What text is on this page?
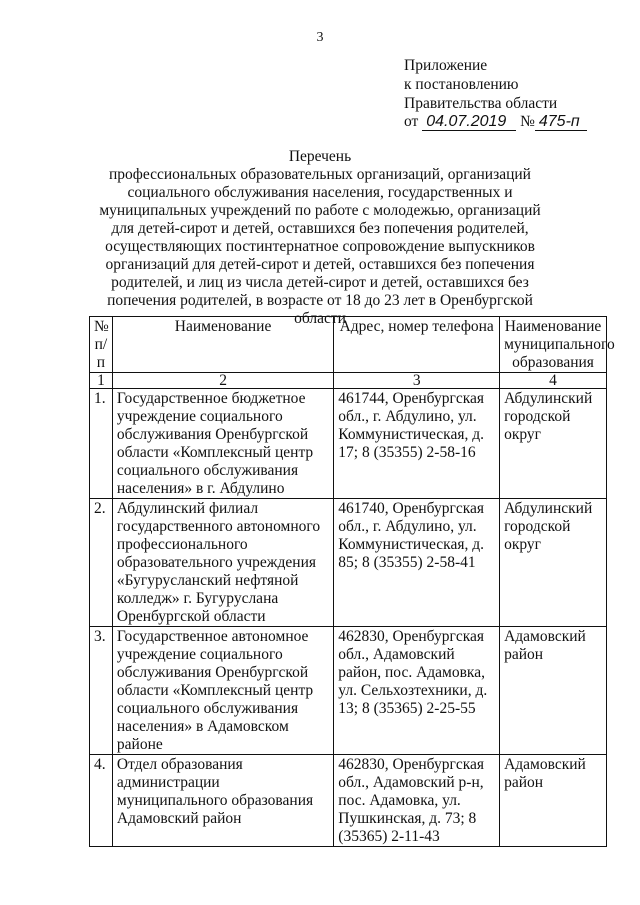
3
Приложение
к постановлению
Правительства области
от 04.07.2019 № 475-п
Перечень
профессиональных образовательных организаций, организаций социального обслуживания населения, государственных и муниципальных учреждений по работе с молодежью, организаций для детей-сирот и детей, оставшихся без попечения родителей, осуществляющих постинтернатное сопровождение выпускников организаций для детей-сирот и детей, оставшихся без попечения родителей, и лиц из числа детей-сирот и детей, оставшихся без попечения родителей, в возрасте от 18 до 23 лет в Оренбургской области
№ п/п	Наименование	Адрес, номер телефона	Наименование муниципального образования
1	2	3	4
1.	Государственное бюджетное учреждение социального обслуживания Оренбургской области «Комплексный центр социального обслуживания населения» в г. Абдулино	461744, Оренбургская обл., г. Абдулино, ул. Коммунистическая, д. 17; 8 (35355) 2-58-16	Абдулинский городской округ
2.	Абдулинский филиал государственного автономного профессионального образовательного учреждения «Бугурусланский нефтяной колледж» г. Бугуруслана Оренбургской области	461740, Оренбургская обл., г. Абдулино, ул. Коммунистическая, д. 85; 8 (35355) 2-58-41	Абдулинский городской округ
3.	Государственное автономное учреждение социального обслуживания Оренбургской области «Комплексный центр социального обслуживания населения» в Адамовском районе	462830, Оренбургская обл., Адамовский район, пос. Адамовка, ул. Сельхозтехники, д. 13; 8 (35365) 2-25-55	Адамовский район
4.	Отдел образования администрации муниципального образования Адамовский район	462830, Оренбургская обл., Адамовский р-н, пос. Адамовка, ул. Пушкинская, д. 73; 8 (35365) 2-11-43	Адамовский район
